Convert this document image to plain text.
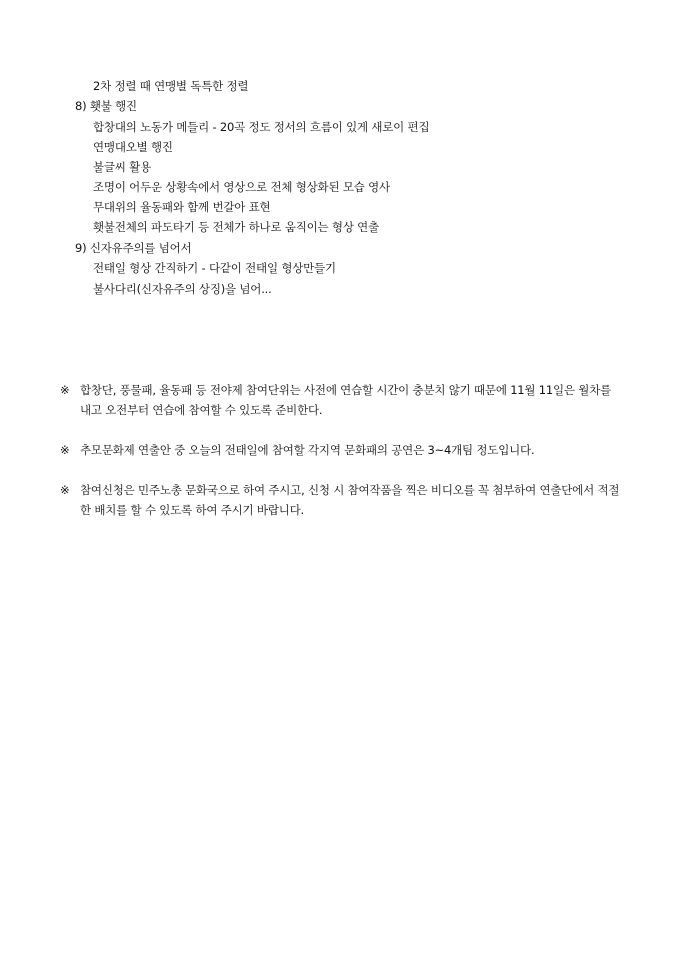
2차 정렬 때 연맹별 독특한 정렬
8) 횃불 행진
합창대의 노동가 메들리 - 20곡 정도 정서의 흐름이 있게 새로이 편집
연맹대오별 행진
불글씨 활용
조명이 어두운 상황속에서 영상으로 전체 형상화된 모습 영사
무대위의 율동패와 함께 번갈아 표현
횃불전체의 파도타기 등 전체가 하나로 움직이는 형상 연출
9) 신자유주의를 넘어서
전태일 형상 간직하기 - 다같이 전태일 형상만들기
불사다리(신자유주의 상징)을 넘어...
※ 합창단, 풍물패, 율동패 등 전야제 참여단위는 사전에 연습할 시간이 충분치 않기 때문에 11월 11일은 월차를 내고 오전부터 연습에 참여할 수 있도록 준비한다.
※ 추모문화제 연출안 중 오늘의 전태일에 참여할 각지역 문화패의 공연은 3~4개팀 정도입니다.
※ 참여신청은 민주노총 문화국으로 하여 주시고, 신청 시 참여작품을 찍은 비디오를 꼭 첨부하여 연출단에서 적절한 배치를 할 수 있도록 하여 주시기 바랍니다.
